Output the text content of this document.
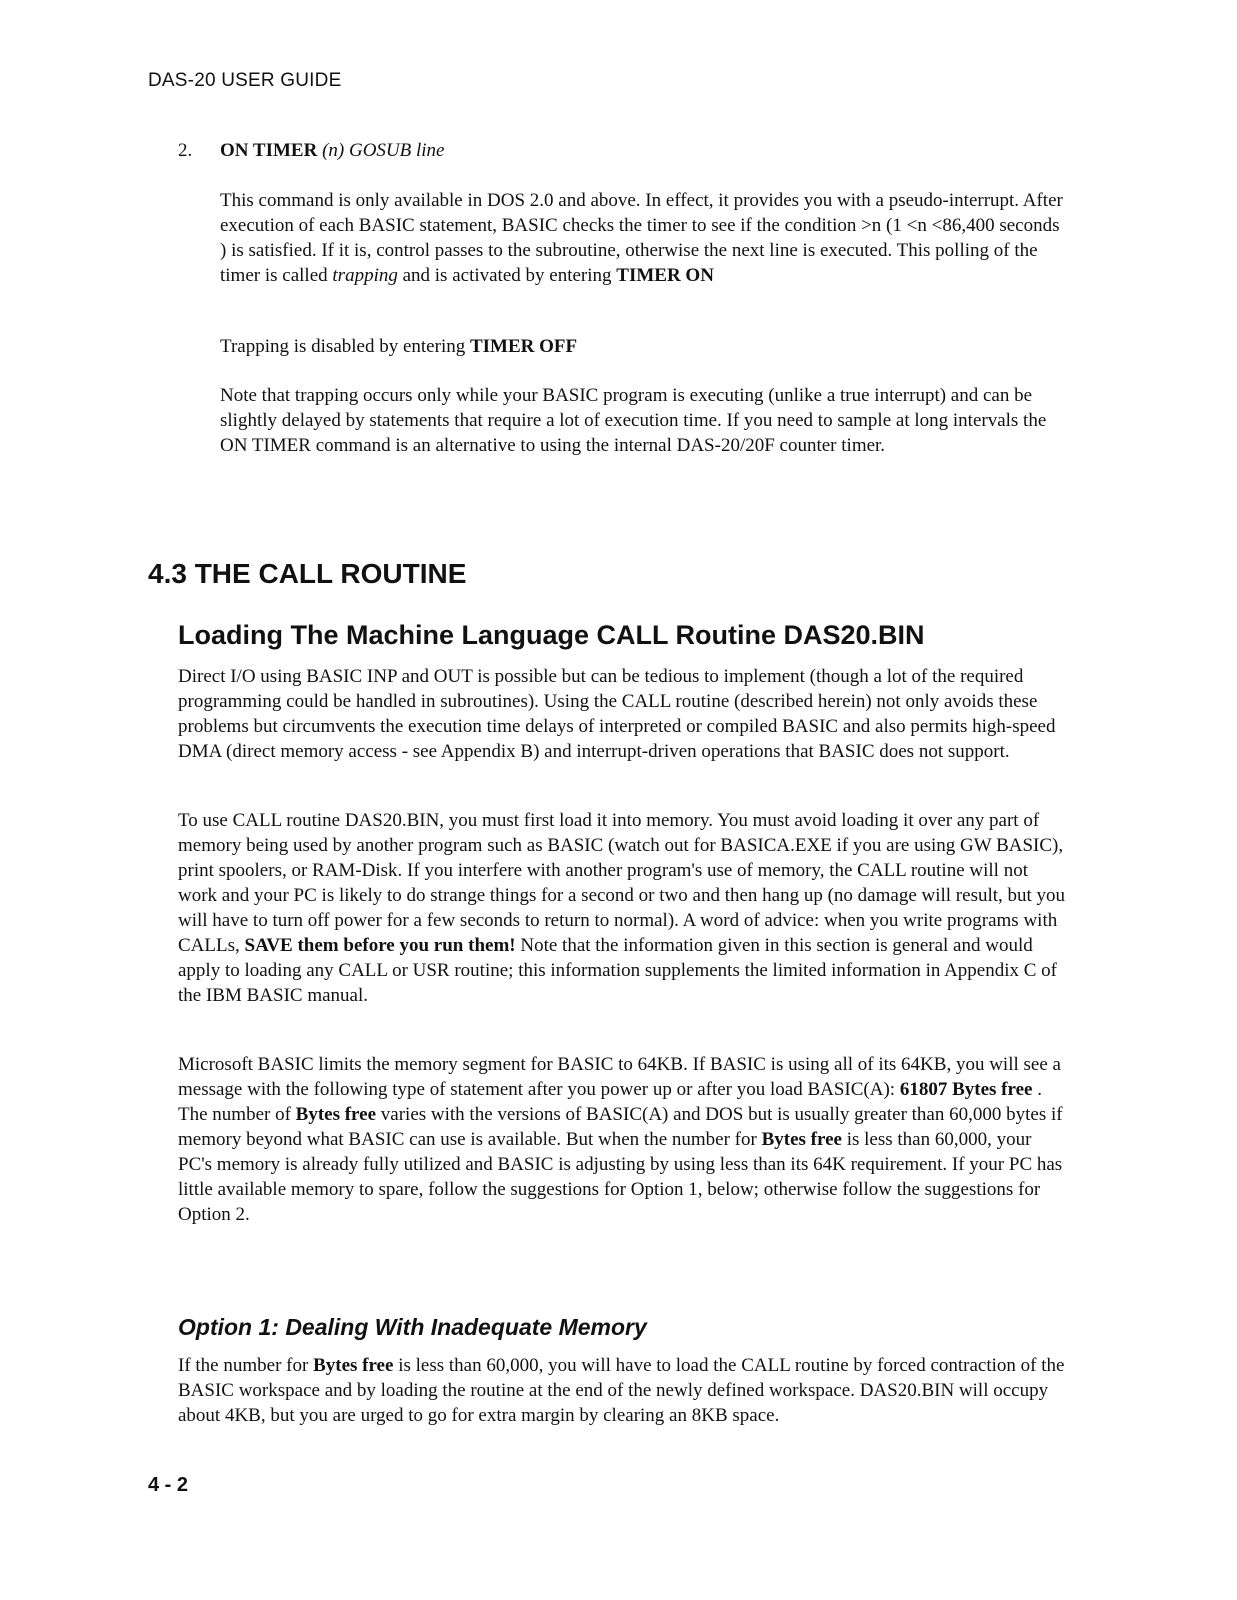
DAS-20 USER GUIDE
2. ON TIMER (n) GOSUB line

This command is only available in DOS 2.0 and above. In effect, it provides you with a pseudo-interrupt. After execution of each BASIC statement, BASIC checks the timer to see if the condition >n (1 <n <86,400 seconds ) is satisfied. If it is, control passes to the subroutine, otherwise the next line is executed. This polling of the timer is called trapping and is activated by entering TIMER ON

Trapping is disabled by entering TIMER OFF

Note that trapping occurs only while your BASIC program is executing (unlike a true interrupt) and can be slightly delayed by statements that require a lot of execution time. If you need to sample at long intervals the ON TIMER command is an alternative to using the internal DAS-20/20F counter timer.

4.3 THE CALL ROUTINE
Loading The Machine Language CALL Routine DAS20.BIN

Direct I/O using BASIC INP and OUT is possible but can be tedious to implement (though a lot of the required programming could be handled in subroutines). Using the CALL routine (described herein) not only avoids these problems but circumvents the execution time delays of interpreted or compiled BASIC and also permits high-speed DMA (direct memory access - see Appendix B) and interrupt-driven operations that BASIC does not support.

To use CALL routine DAS20.BIN, you must first load it into memory. You must avoid loading it over any part of memory being used by another program such as BASIC (watch out for BASICA.EXE if you are using GW BASIC), print spoolers, or RAM-Disk. If you interfere with another program's use of memory, the CALL routine will not work and your PC is likely to do strange things for a second or two and then hang up (no damage will result, but you will have to turn off power for a few seconds to return to normal). A word of advice: when you write programs with CALLs, SAVE them before you run them! Note that the information given in this section is general and would apply to loading any CALL or USR routine; this information supplements the limited information in Appendix C of the IBM BASIC manual.

Microsoft BASIC limits the memory segment for BASIC to 64KB. If BASIC is using all of its 64KB, you will see a message with the following type of statement after you power up or after you load BASIC(A): 61807 Bytes free . The number of Bytes free varies with the versions of BASIC(A) and DOS but is usually greater than 60,000 bytes if memory beyond what BASIC can use is available. But when the number for Bytes free is less than 60,000, your PC's memory is already fully utilized and BASIC is adjusting by using less than its 64K requirement. If your PC has little available memory to spare, follow the suggestions for Option 1, below; otherwise follow the suggestions for Option 2.

Option 1: Dealing With Inadequate Memory

If the number for Bytes free is less than 60,000, you will have to load the CALL routine by forced contraction of the BASIC workspace and by loading the routine at the end of the newly defined workspace. DAS20.BIN will occupy about 4KB, but you are urged to go for extra margin by clearing an 8KB space.

4 - 2
